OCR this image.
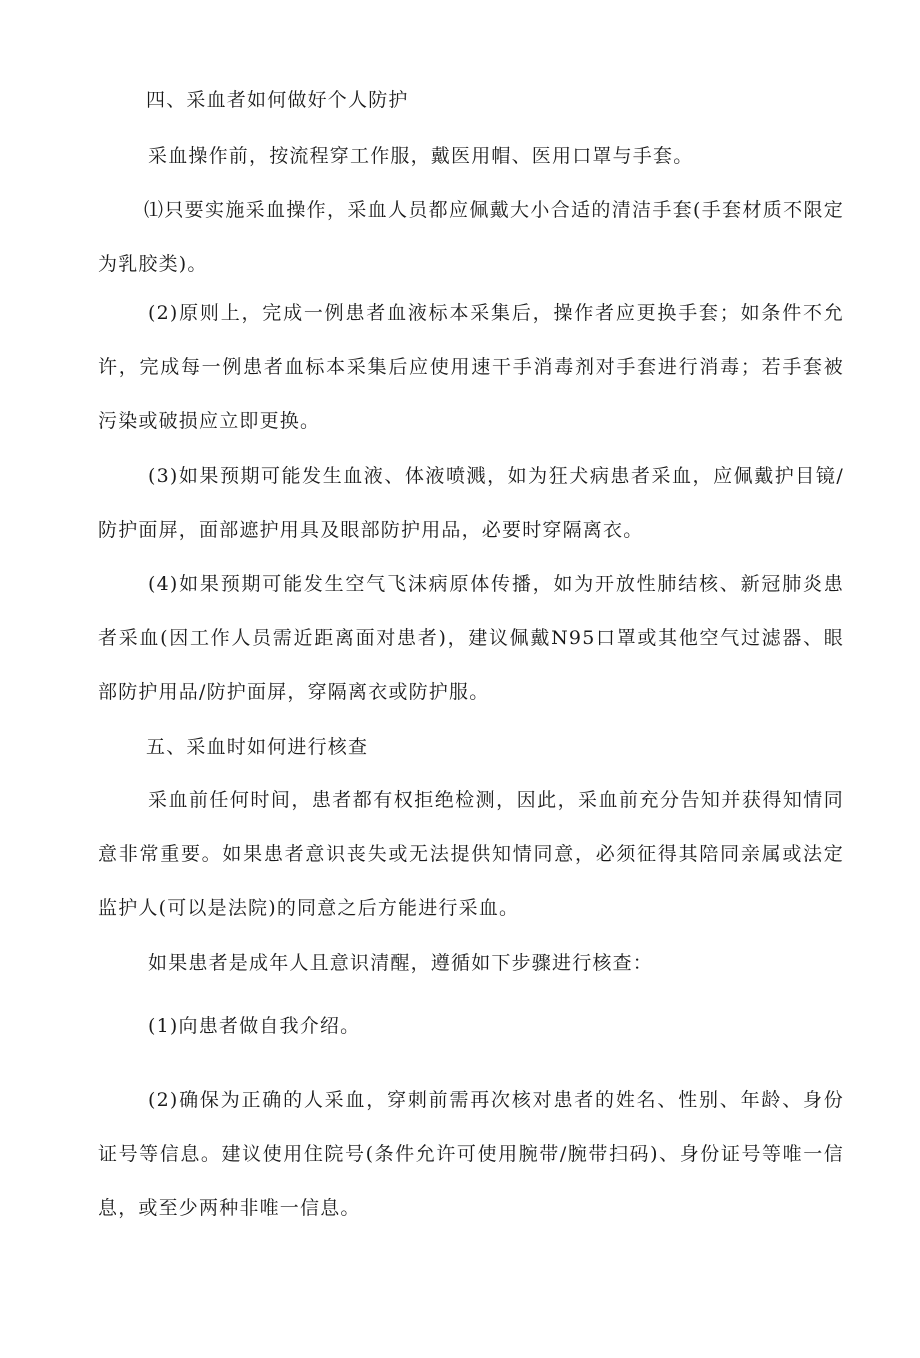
四、采血者如何做好个人防护

采血操作前，按流程穿工作服，戴医用帽、医用口罩与手套。

⑴只要实施采血操作，采血人员都应佩戴大小合适的清洁手套(手套材质不限定为乳胶类)。

(2)原则上，完成一例患者血液标本采集后，操作者应更换手套；如条件不允许，完成每一例患者血标本采集后应使用速干手消毒剂对手套进行消毒；若手套被污染或破损应立即更换。

(3)如果预期可能发生血液、体液喷溅，如为狂犬病患者采血，应佩戴护目镜/防护面屏，面部遮护用具及眼部防护用品，必要时穿隔离衣。

(4)如果预期可能发生空气飞沫病原体传播，如为开放性肺结核、新冠肺炎患者采血(因工作人员需近距离面对患者)，建议佩戴N95口罩或其他空气过滤器、眼部防护用品/防护面屏，穿隔离衣或防护服。

五、采血时如何进行核查

采血前任何时间，患者都有权拒绝检测，因此，采血前充分告知并获得知情同意非常重要。如果患者意识丧失或无法提供知情同意，必须征得其陪同亲属或法定监护人(可以是法院)的同意之后方能进行采血。

如果患者是成年人且意识清醒，遵循如下步骤进行核查：

(1)向患者做自我介绍。

(2)确保为正确的人采血，穿刺前需再次核对患者的姓名、性别、年龄、身份证号等信息。建议使用住院号(条件允许可使用腕带/腕带扫码)、身份证号等唯一信息，或至少两种非唯一信息。
